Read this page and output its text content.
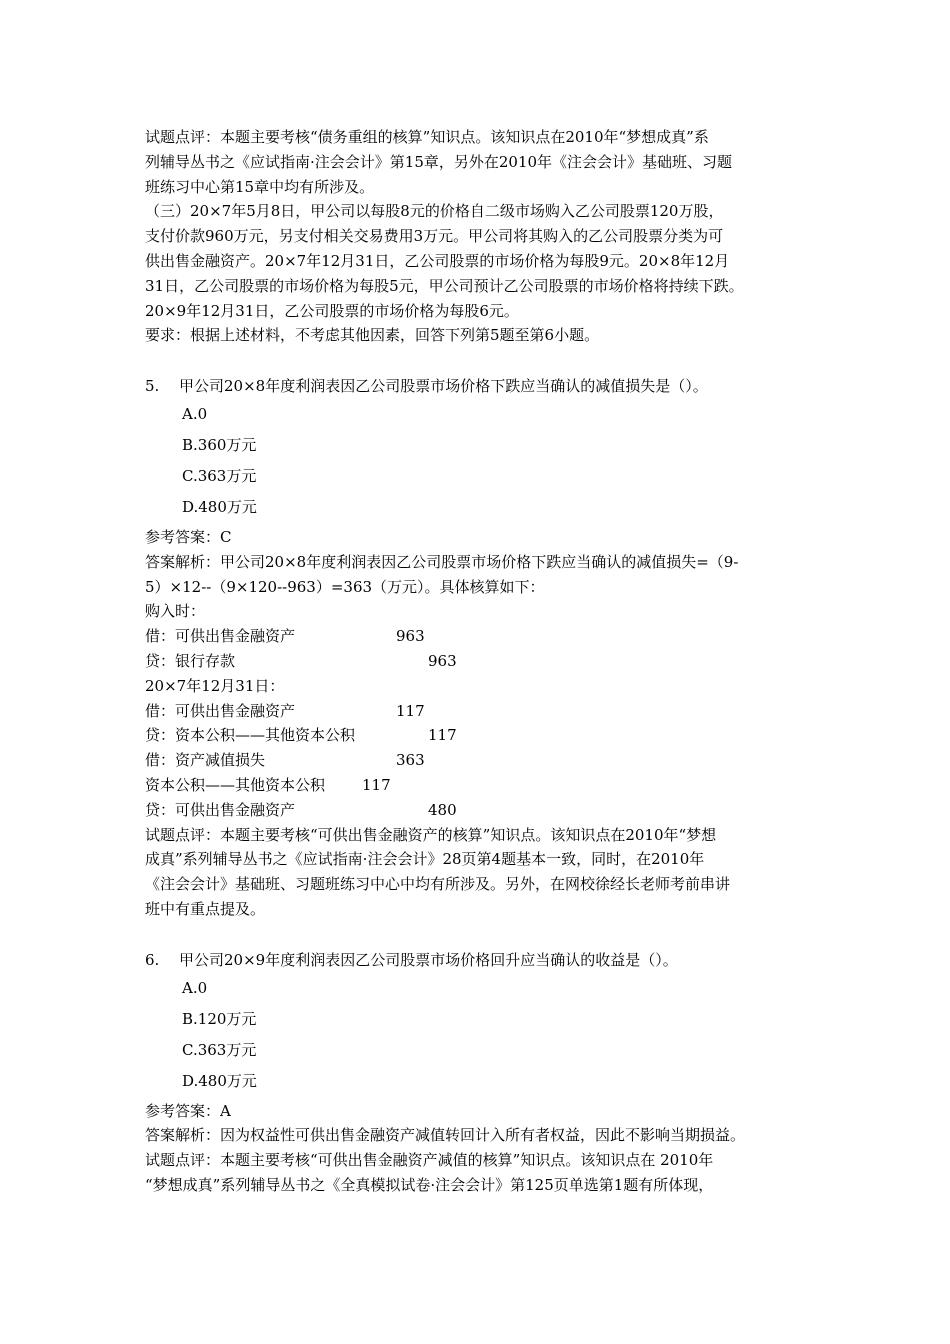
试题点评：本题主要考核“债务重组的核算”知识点。该知识点在2010年“梦想成真”系
列辅导丛书之《应试指南·注会会计》第15章，另外在2010年《注会会计》基础班、习题
班练习中心第15章中均有所涉及。
（三）20×7年5月8日，甲公司以每股8元的价格自二级市场购入乙公司股票120万股，
支付价款960万元，另支付相关交易费用3万元。甲公司将其购入的乙公司股票分类为可
供出售金融资产。20×7年12月31日，乙公司股票的市场价格为每股9元。20×8年12月
31日，乙公司股票的市场价格为每股5元，甲公司预计乙公司股票的市场价格将持续下跌。
20×9年12月31日，乙公司股票的市场价格为每股6元。
要求：根据上述材料，不考虑其他因素，回答下列第5题至第6小题。
5. 甲公司20×8年度利润表因乙公司股票市场价格下跌应当确认的减值损失是（）。
A.0
B.360万元
C.363万元
D.480万元
参考答案：C
答案解析：甲公司20×8年度利润表因乙公司股票市场价格下跌应当确认的减值损失=（9-
5）×12--（9×120--963）=363（万元）。具体核算如下：
购入时：
借：可供出售金融资产	963
贷：银行存款	963
20×7年12月31日：
借：可供出售金融资产	117
贷：资本公积——其他资本公积	117
借：资产减值损失	363
资本公积——其他资本公积 117
贷：可供出售金融资产	480
试题点评：本题主要考核“可供出售金融资产的核算”知识点。该知识点在2010年“梦想
成真”系列辅导丛书之《应试指南·注会会计》28页第4题基本一致，同时，在2010年
《注会会计》基础班、习题班练习中心中均有所涉及。另外，在网校徐经长老师考前串讲
班中有重点提及。
6. 甲公司20×9年度利润表因乙公司股票市场价格回升应当确认的收益是（）。
A.0
B.120万元
C.363万元
D.480万元
参考答案：A
答案解析：因为权益性可供出售金融资产减值转回计入所有者权益，因此不影响当期损益。
试题点评：本题主要考核“可供出售金融资产减值的核算”知识点。该知识点在 2010年
“梦想成真”系列辅导丛书之《全真模拟试卷·注会会计》第125页单选第1题有所体现，
